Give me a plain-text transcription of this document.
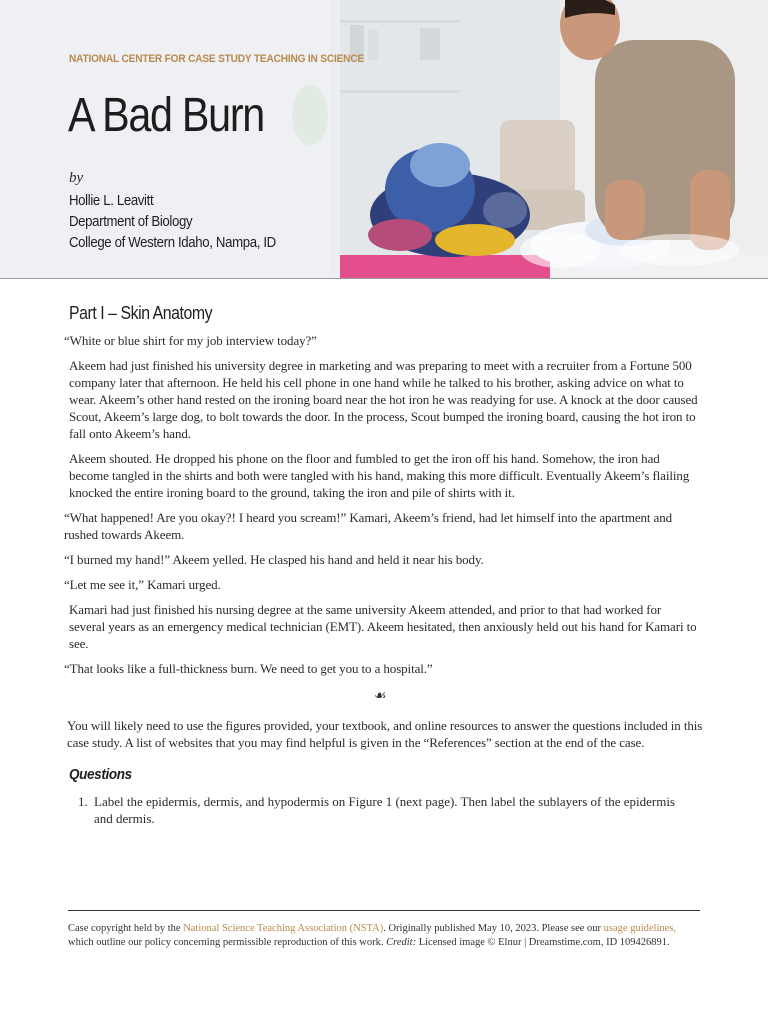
NATIONAL CENTER FOR CASE STUDY TEACHING IN SCIENCE

A Bad Burn

by

Hollie L. Leavitt

Department of Biology

College of Western Idaho, Nampa, ID

Part I – Skin Anatomy

“White or blue shirt for my job interview today?”

Akeem had just finished his university degree in marketing and was preparing to meet with a recruiter from a Fortune 500 company later that afternoon. He held his cell phone in one hand while he talked to his brother, asking advice on what to wear. Akeem’s other hand rested on the ironing board near the hot iron he was readying for use. A knock at the door caused Scout, Akeem’s large dog, to bolt towards the door. In the process, Scout bumped the ironing board, causing the hot iron to fall onto Akeem’s hand.

Akeem shouted. He dropped his phone on the floor and fumbled to get the iron off his hand. Somehow, the iron had become tangled in the shirts and both were tangled with his hand, making this more difficult. Eventually Akeem’s flailing knocked the entire ironing board to the ground, taking the iron and pile of shirts with it.

“What happened! Are you okay?! I heard you scream!” Kamari, Akeem’s friend, had let himself into the apartment and rushed towards Akeem.

“I burned my hand!” Akeem yelled. He clasped his hand and held it near his body.

“Let me see it,” Kamari urged.

Kamari had just finished his nursing degree at the same university Akeem attended, and prior to that had worked for several years as an emergency medical technician (EMT). Akeem hesitated, then anxiously held out his hand for Kamari to see.

“That looks like a full-thickness burn. We need to get you to a hospital.”

☙

You will likely need to use the figures provided, your textbook, and online resources to answer the questions included in this case study. A list of websites that you may find helpful is given in the “References” section at the end of the case.

Questions
1. Label the epidermis, dermis, and hypodermis on Figure 1 (next page). Then label the sublayers of the epidermis and dermis.

Case copyright held by the National Science Teaching Association (NSTA). Originally published May 10, 2023. Please see our usage guidelines, which outline our policy concerning permissible reproduction of this work. Credit: Licensed image © Elnur | Dreamstime.com, ID 109426891.
